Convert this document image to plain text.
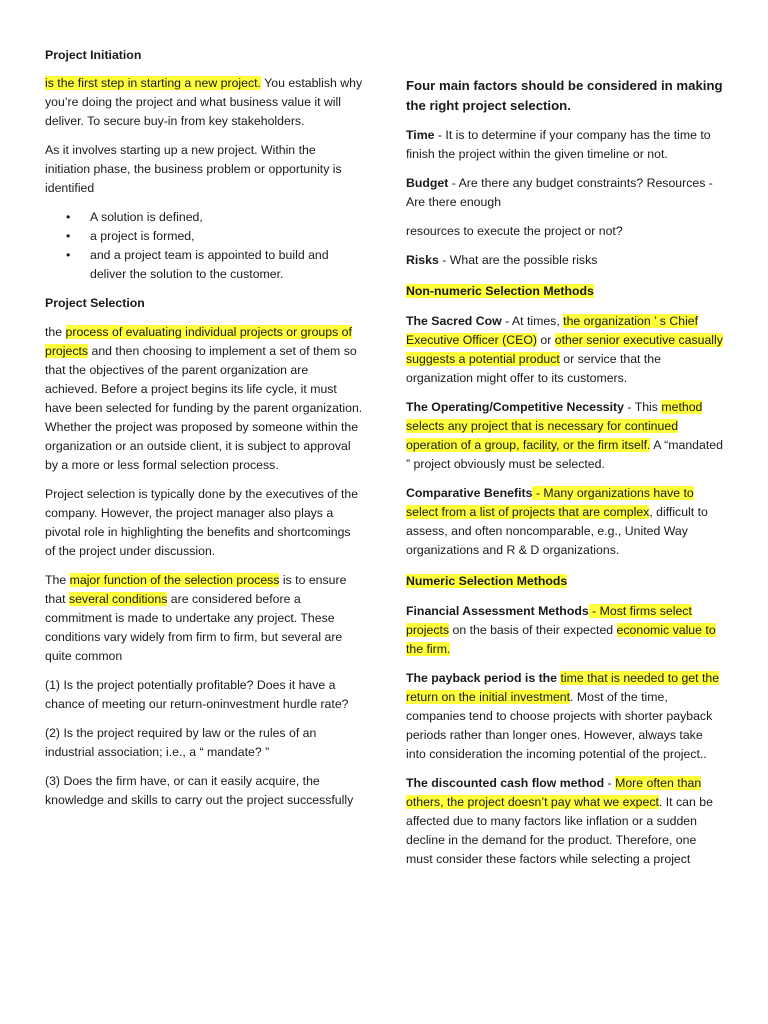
Project Initiation

is the first step in starting a new project. You establish why you’re doing the project and what business value it will deliver. To secure buy-in from key stakeholders.

As it involves starting up a new project. Within the initiation phase, the business problem or opportunity is identified

• A solution is defined,
• a project is formed,
• and a project team is appointed to build and deliver the solution to the customer.

Project Selection

the process of evaluating individual projects or groups of projects and then choosing to implement a set of them so that the objectives of the parent organization are achieved. Before a project begins its life cycle, it must have been selected for funding by the parent organization. Whether the project was proposed by someone within the organization or an outside client, it is subject to approval by a more or less formal selection process.

Project selection is typically done by the executives of the company. However, the project manager also plays a pivotal role in highlighting the benefits and shortcomings of the project under discussion.

The major function of the selection process is to ensure that several conditions are considered before a commitment is made to undertake any project. These conditions vary widely from firm to firm, but several are quite common

(1) Is the project potentially profitable? Does it have a chance of meeting our return-oninvestment hurdle rate?

(2) Is the project required by law or the rules of an industrial association; i.e., a “ mandate? ”

(3) Does the firm have, or can it easily acquire, the knowledge and skills to carry out the project successfully

Four main factors should be considered in making the right project selection.

Time - It is to determine if your company has the time to finish the project within the given timeline or not.

Budget - Are there any budget constraints? Resources - Are there enough

resources to execute the project or not?

Risks - What are the possible risks

Non-numeric Selection Methods

The Sacred Cow - At times, the organization ’ s Chief Executive Officer (CEO) or other senior executive casually suggests a potential product or service that the organization might offer to its customers.

The Operating/Competitive Necessity - This method selects any project that is necessary for continued operation of a group, facility, or the firm itself. A “mandated ” project obviously must be selected.

Comparative Benefits - Many organizations have to select from a list of projects that are complex, difficult to assess, and often noncomparable, e.g., United Way organizations and R & D organizations.

Numeric Selection Methods

Financial Assessment Methods - Most firms select projects on the basis of their expected economic value to the firm.

The payback period is the time that is needed to get the return on the initial investment. Most of the time, companies tend to choose projects with shorter payback periods rather than longer ones. However, always take into consideration the incoming potential of the project..

The discounted cash flow method - More often than others, the project doesn’t pay what we expect. It can be affected due to many factors like inflation or a sudden decline in the demand for the product. Therefore, one must consider these factors while selecting a project
